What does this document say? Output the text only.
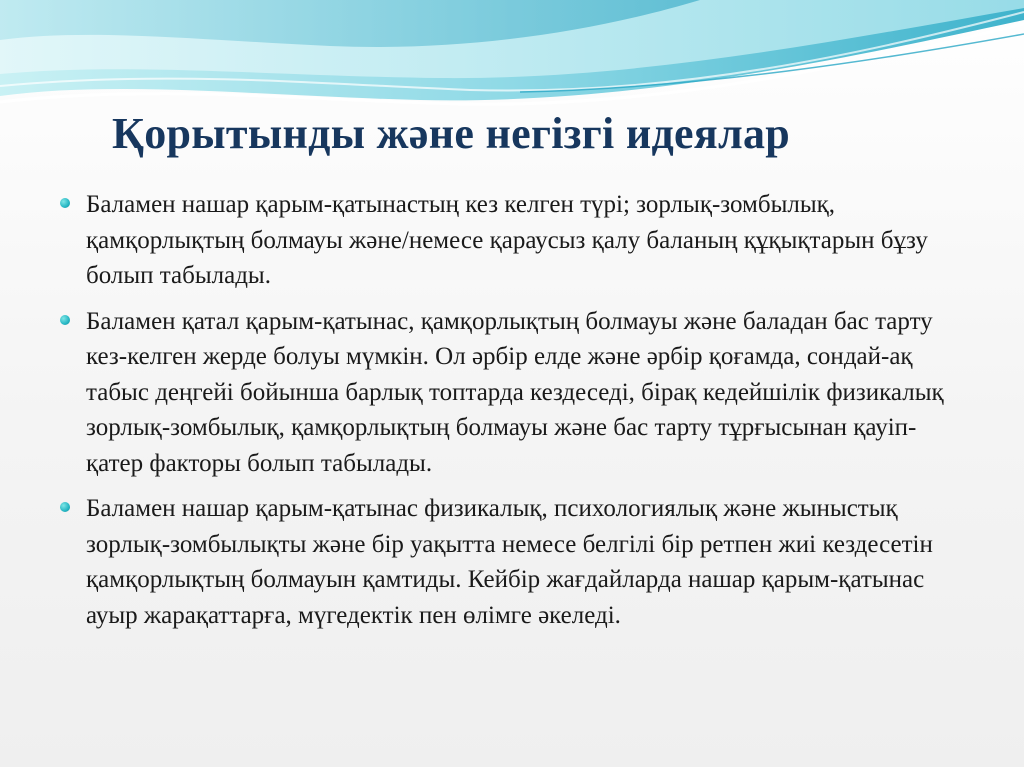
Қорытынды және негізгі идеялар
Баламен нашар қарым-қатынастың кез келген түрі; зорлық-зомбылық, қамқорлықтың болмауы және/немесе қараусыз қалу баланың құқықтарын бұзу болып табылады.
Баламен қатал қарым-қатынас, қамқорлықтың болмауы және баладан бас тарту кез-келген жерде болуы мүмкін. Ол әрбір елде және әрбір қоғамда, сондай-ақ табыс деңгейі бойынша барлық топтарда кездеседі, бірақ кедейшілік физикалық зорлық-зомбылық, қамқорлықтың болмауы және бас тарту тұрғысынан қауіп-қатер факторы болып табылады.
Баламен нашар қарым-қатынас физикалық, психологиялық және жыныстық зорлық-зомбылықты және бір уақытта немесе белгілі бір ретпен жиі кездесетін қамқорлықтың болмауын қамтиды. Кейбір жағдайларда нашар қарым-қатынас ауыр жарақаттарға, мүгедектік пен өлімге әкеледі.
